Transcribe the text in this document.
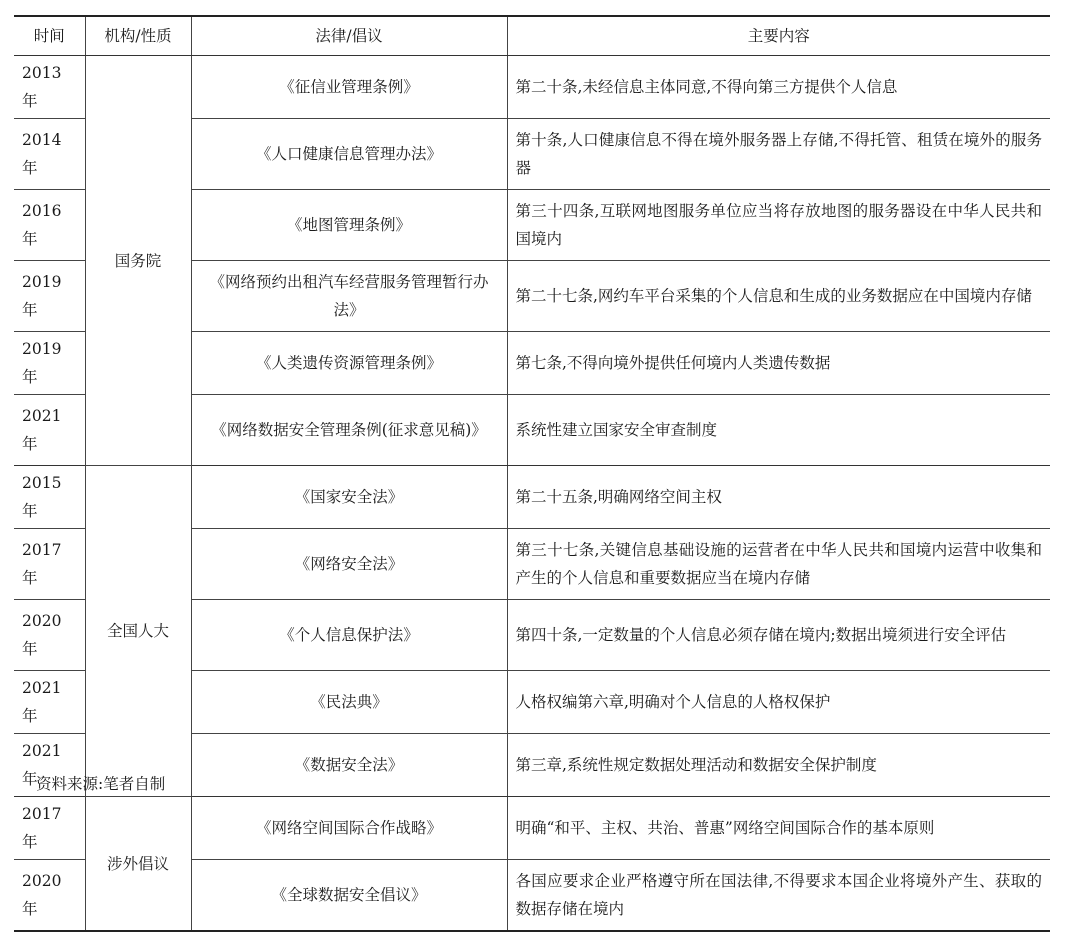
时间	机构/性质	法律/倡议	主要内容
2013 年	国务院	《征信业管理条例》	第二十条,未经信息主体同意,不得向第三方提供个人信息
2014 年		《人口健康信息管理办法》	第十条,人口健康信息不得在境外服务器上存储,不得托管、租赁在境外的服务器
2016 年		《地图管理条例》	第三十四条,互联网地图服务单位应当将存放地图的服务器设在中华人民共和国境内
2019 年		《网络预约出租汽车经营服务管理暂行办法》	第二十七条,网约车平台采集的个人信息和生成的业务数据应在中国境内存储
2019 年		《人类遗传资源管理条例》	第七条,不得向境外提供任何境内人类遗传数据
2021 年		《网络数据安全管理条例(征求意见稿)》	系统性建立国家安全审查制度
2015 年	全国人大	《国家安全法》	第二十五条,明确网络空间主权
2017 年		《网络安全法》	第三十七条,关键信息基础设施的运营者在中华人民共和国境内运营中收集和产生的个人信息和重要数据应当在境内存储
2020 年		《个人信息保护法》	第四十条,一定数量的个人信息必须存储在境内;数据出境须进行安全评估
2021 年		《民法典》	人格权编第六章,明确对个人信息的人格权保护
2021 年		《数据安全法》	第三章,系统性规定数据处理活动和数据安全保护制度
2017 年	涉外倡议	《网络空间国际合作战略》	明确“和平、主权、共治、普惠”网络空间国际合作的基本原则
2020 年		《全球数据安全倡议》	各国应要求企业严格遵守所在国法律,不得要求本国企业将境外产生、获取的数据存储在境内
资料来源:笔者自制
